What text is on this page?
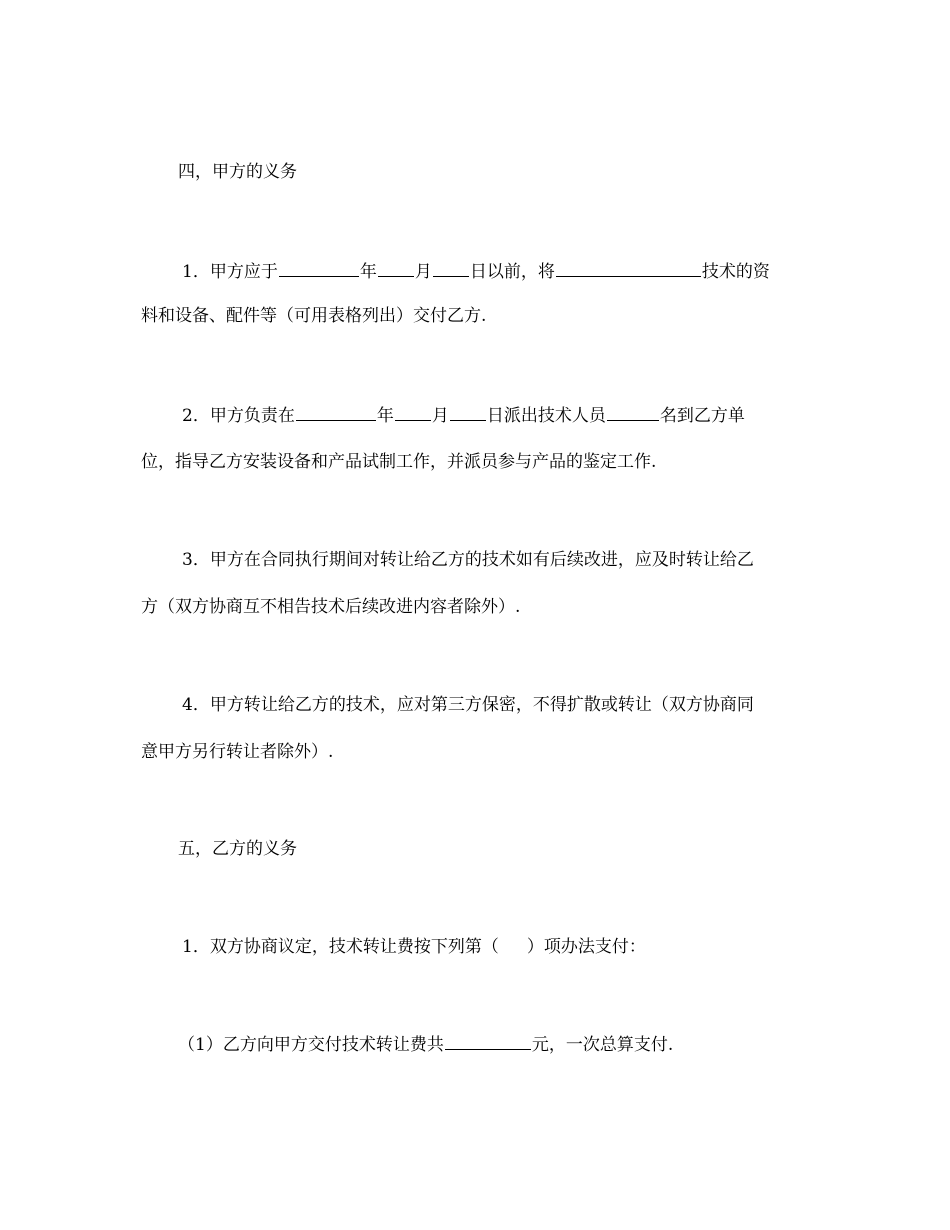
四，甲方的义务
1．甲方应于	年 月 日以前，将	技术的资
料和设备、配件等（可用表格列出）交付乙方.
2．甲方负责在	年 月 日派出技术人员	名到乙方单
位，指导乙方安装设备和产品试制工作，并派员参与产品的鉴定工作.
3．甲方在合同执行期间对转让给乙方的技术如有后续改进，应及时转让给乙
方（双方协商互不相告技术后续改进内容者除外）.
4．甲方转让给乙方的技术，应对第三方保密，不得扩散或转让（双方协商同
意甲方另行转让者除外）.
五，乙方的义务
1．双方协商议定，技术转让费按下列第（ ）项办法支付：
（1）乙方向甲方交付技术转让费共	元，一次总算支付.
